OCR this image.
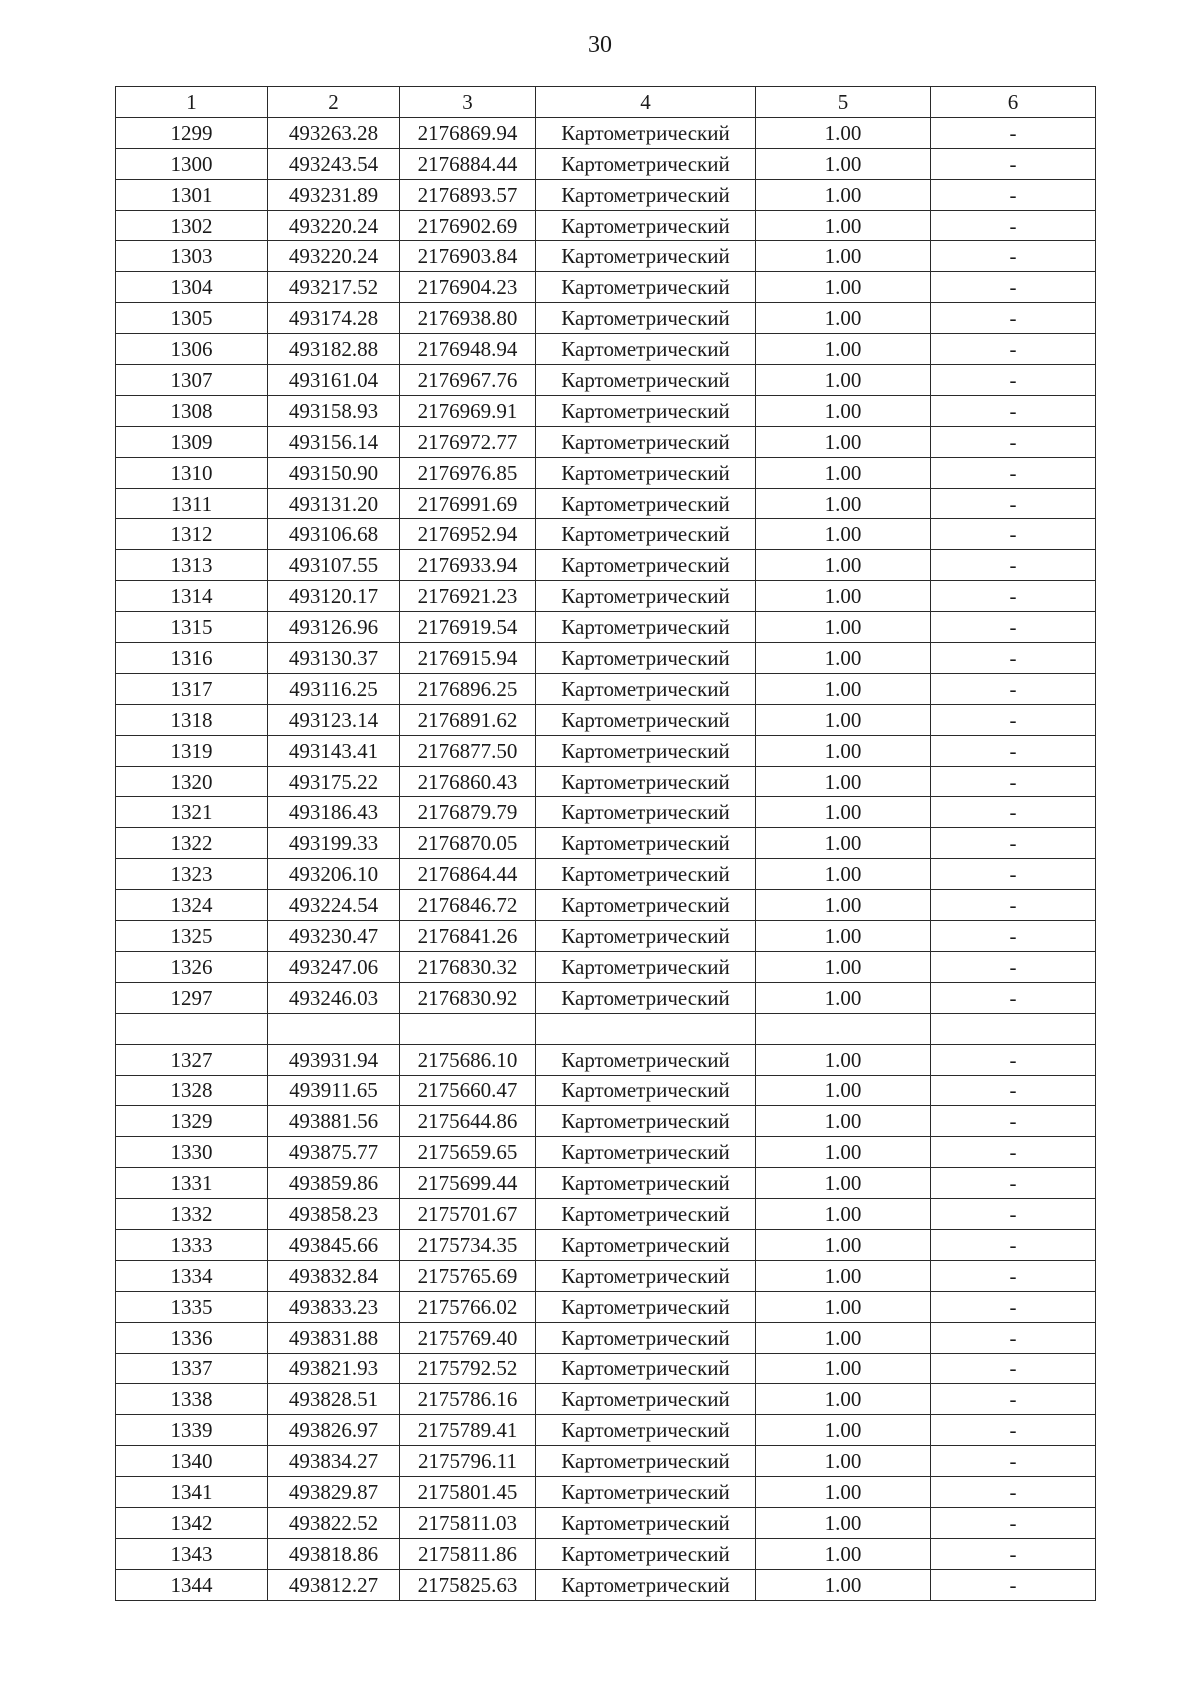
30
1	2	3	4	5	6
1299	493263.28	2176869.94	Картометрический	1.00	-
1300	493243.54	2176884.44	Картометрический	1.00	-
1301	493231.89	2176893.57	Картометрический	1.00	-
1302	493220.24	2176902.69	Картометрический	1.00	-
1303	493220.24	2176903.84	Картометрический	1.00	-
1304	493217.52	2176904.23	Картометрический	1.00	-
1305	493174.28	2176938.80	Картометрический	1.00	-
1306	493182.88	2176948.94	Картометрический	1.00	-
1307	493161.04	2176967.76	Картометрический	1.00	-
1308	493158.93	2176969.91	Картометрический	1.00	-
1309	493156.14	2176972.77	Картометрический	1.00	-
1310	493150.90	2176976.85	Картометрический	1.00	-
1311	493131.20	2176991.69	Картометрический	1.00	-
1312	493106.68	2176952.94	Картометрический	1.00	-
1313	493107.55	2176933.94	Картометрический	1.00	-
1314	493120.17	2176921.23	Картометрический	1.00	-
1315	493126.96	2176919.54	Картометрический	1.00	-
1316	493130.37	2176915.94	Картометрический	1.00	-
1317	493116.25	2176896.25	Картометрический	1.00	-
1318	493123.14	2176891.62	Картометрический	1.00	-
1319	493143.41	2176877.50	Картометрический	1.00	-
1320	493175.22	2176860.43	Картометрический	1.00	-
1321	493186.43	2176879.79	Картометрический	1.00	-
1322	493199.33	2176870.05	Картометрический	1.00	-
1323	493206.10	2176864.44	Картометрический	1.00	-
1324	493224.54	2176846.72	Картометрический	1.00	-
1325	493230.47	2176841.26	Картометрический	1.00	-
1326	493247.06	2176830.32	Картометрический	1.00	-
1297	493246.03	2176830.92	Картометрический	1.00	-

1327	493931.94	2175686.10	Картометрический	1.00	-
1328	493911.65	2175660.47	Картометрический	1.00	-
1329	493881.56	2175644.86	Картометрический	1.00	-
1330	493875.77	2175659.65	Картометрический	1.00	-
1331	493859.86	2175699.44	Картометрический	1.00	-
1332	493858.23	2175701.67	Картометрический	1.00	-
1333	493845.66	2175734.35	Картометрический	1.00	-
1334	493832.84	2175765.69	Картометрический	1.00	-
1335	493833.23	2175766.02	Картометрический	1.00	-
1336	493831.88	2175769.40	Картометрический	1.00	-
1337	493821.93	2175792.52	Картометрический	1.00	-
1338	493828.51	2175786.16	Картометрический	1.00	-
1339	493826.97	2175789.41	Картометрический	1.00	-
1340	493834.27	2175796.11	Картометрический	1.00	-
1341	493829.87	2175801.45	Картометрический	1.00	-
1342	493822.52	2175811.03	Картометрический	1.00	-
1343	493818.86	2175811.86	Картометрический	1.00	-
1344	493812.27	2175825.63	Картометрический	1.00	-
